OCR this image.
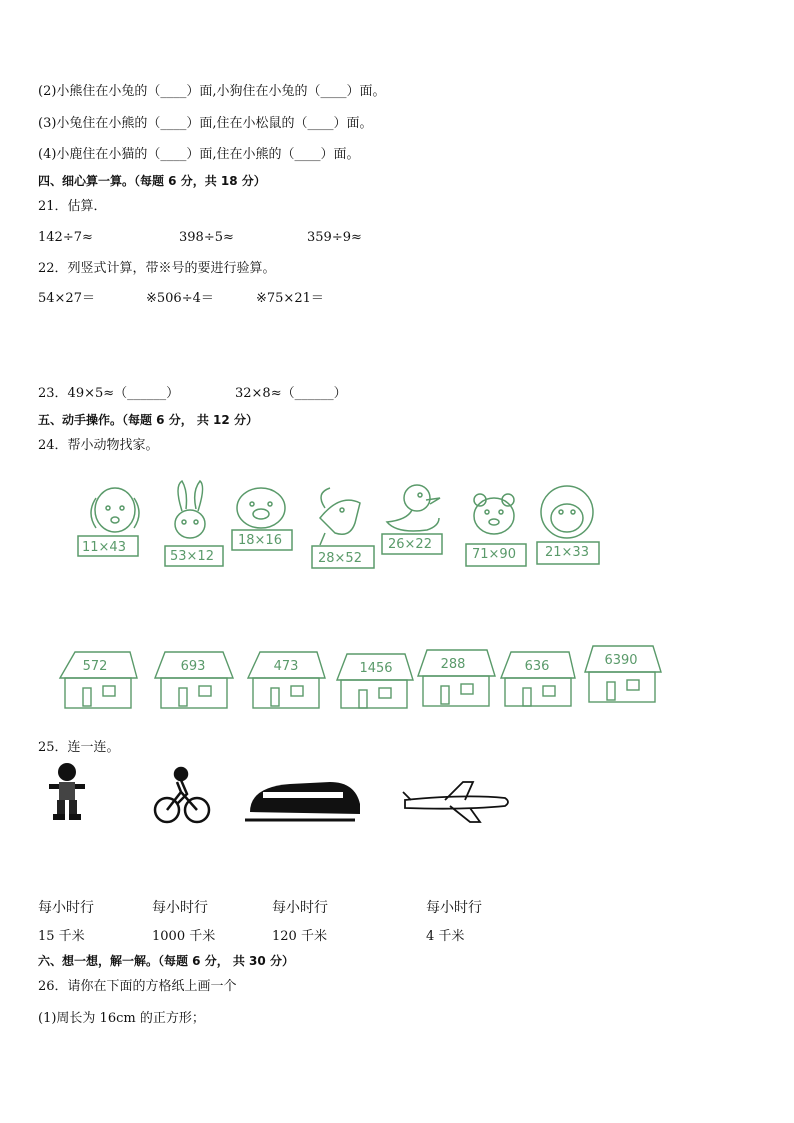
(2)小熊住在小兔的（____）面,小狗住在小兔的（____）面。
(3)小兔住在小熊的（____）面,住在小松鼠的（____）面。
(4)小鹿住在小猫的（____）面,住在小熊的（____）面。
四、细心算一算。（每题 6 分，共 18 分）
21．估算．
142÷7≈	398÷5≈	359÷9≈
22．列竖式计算，带※号的要进行验算。
54×27＝	※506÷4＝	※75×21＝
23．49×5≈（______）	32×8≈（______）
五、动手操作。（每题 6 分， 共 12 分）
24．帮小动物找家。
11×43
53×12
18×16
28×52
26×22
71×90 21×33
572	693	473	1456	288	636	6390
25．连一连。
每小时行	每小时行	每小时行	每小时行
15 千米	1000 千米	120 千米	4 千米
六、想一想，解一解。（每题 6 分， 共 30 分）
26．请你在下面的方格纸上画一个
(1)周长为 16cm 的正方形；
